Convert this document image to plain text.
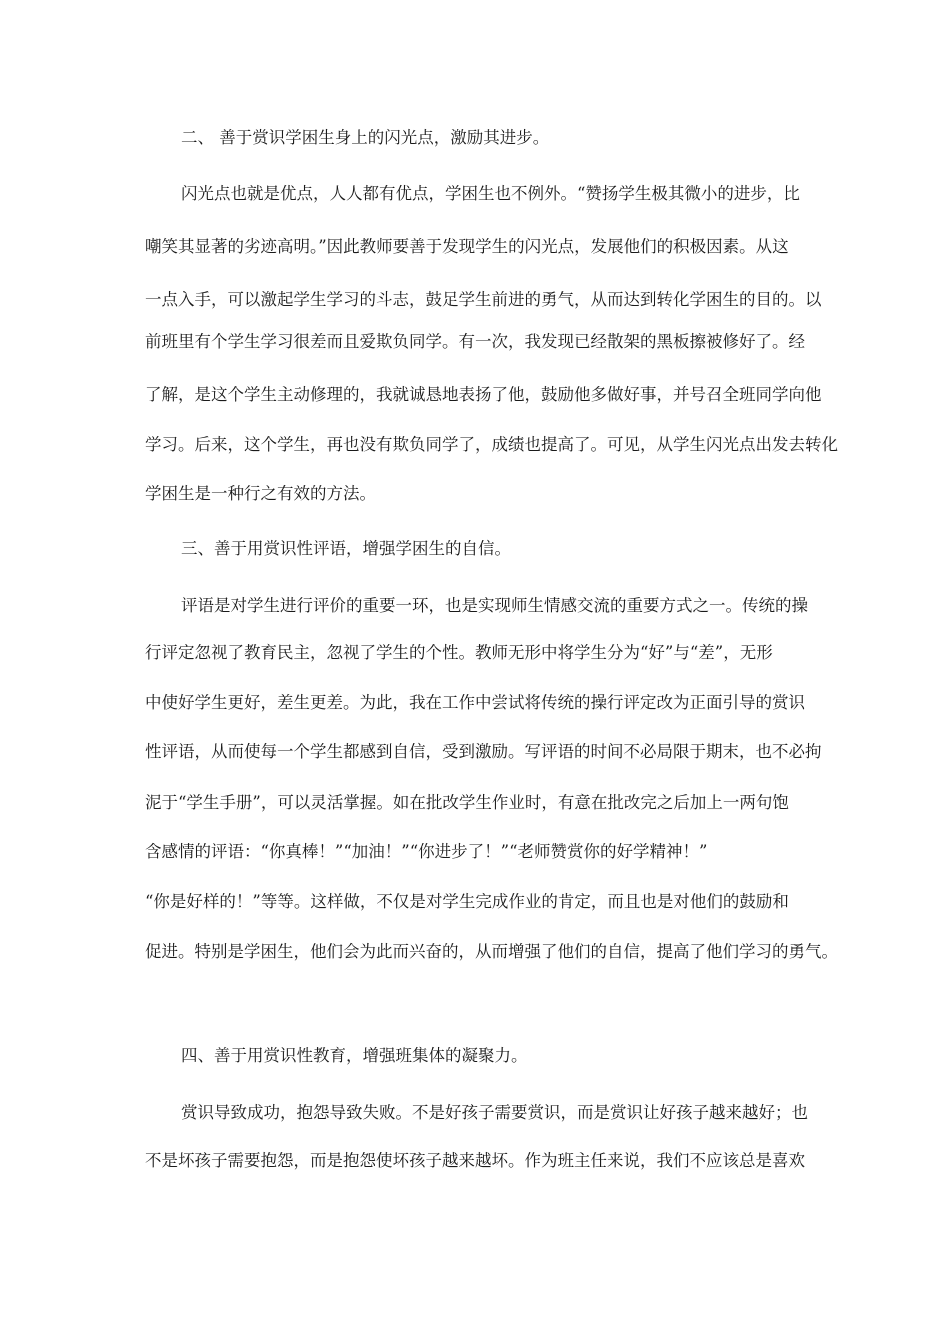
二、 善于赏识学困生身上的闪光点，激励其进步。
闪光点也就是优点，人人都有优点，学困生也不例外。“赞扬学生极其微小的进步，比
嘲笑其显著的劣迹高明。”因此教师要善于发现学生的闪光点，发展他们的积极因素。从这
一点入手，可以激起学生学习的斗志，鼓足学生前进的勇气，从而达到转化学困生的目的。以
前班里有个学生学习很差而且爱欺负同学。有一次，我发现已经散架的黑板擦被修好了。经
了解，是这个学生主动修理的，我就诚恳地表扬了他，鼓励他多做好事，并号召全班同学向他
学习。后来，这个学生，再也没有欺负同学了，成绩也提高了。可见，从学生闪光点出发去转化
学困生是一种行之有效的方法。
三、善于用赏识性评语，增强学困生的自信。
评语是对学生进行评价的重要一环，也是实现师生情感交流的重要方式之一。传统的操
行评定忽视了教育民主，忽视了学生的个性。教师无形中将学生分为“好”与“差”，无形
中使好学生更好，差生更差。为此，我在工作中尝试将传统的操行评定改为正面引导的赏识
性评语，从而使每一个学生都感到自信，受到激励。写评语的时间不必局限于期末，也不必拘
泥于“学生手册”，可以灵活掌握。如在批改学生作业时，有意在批改完之后加上一两句饱
含感情的评语：“你真棒！”“加油！”“你进步了！”“老师赞赏你的好学精神！”
“你是好样的！”等等。这样做，不仅是对学生完成作业的肯定，而且也是对他们的鼓励和
促进。特别是学困生，他们会为此而兴奋的，从而增强了他们的自信，提高了他们学习的勇气。
四、善于用赏识性教育，增强班集体的凝聚力。
赏识导致成功，抱怨导致失败。不是好孩子需要赏识，而是赏识让好孩子越来越好；也
不是坏孩子需要抱怨，而是抱怨使坏孩子越来越坏。作为班主任来说，我们不应该总是喜欢
